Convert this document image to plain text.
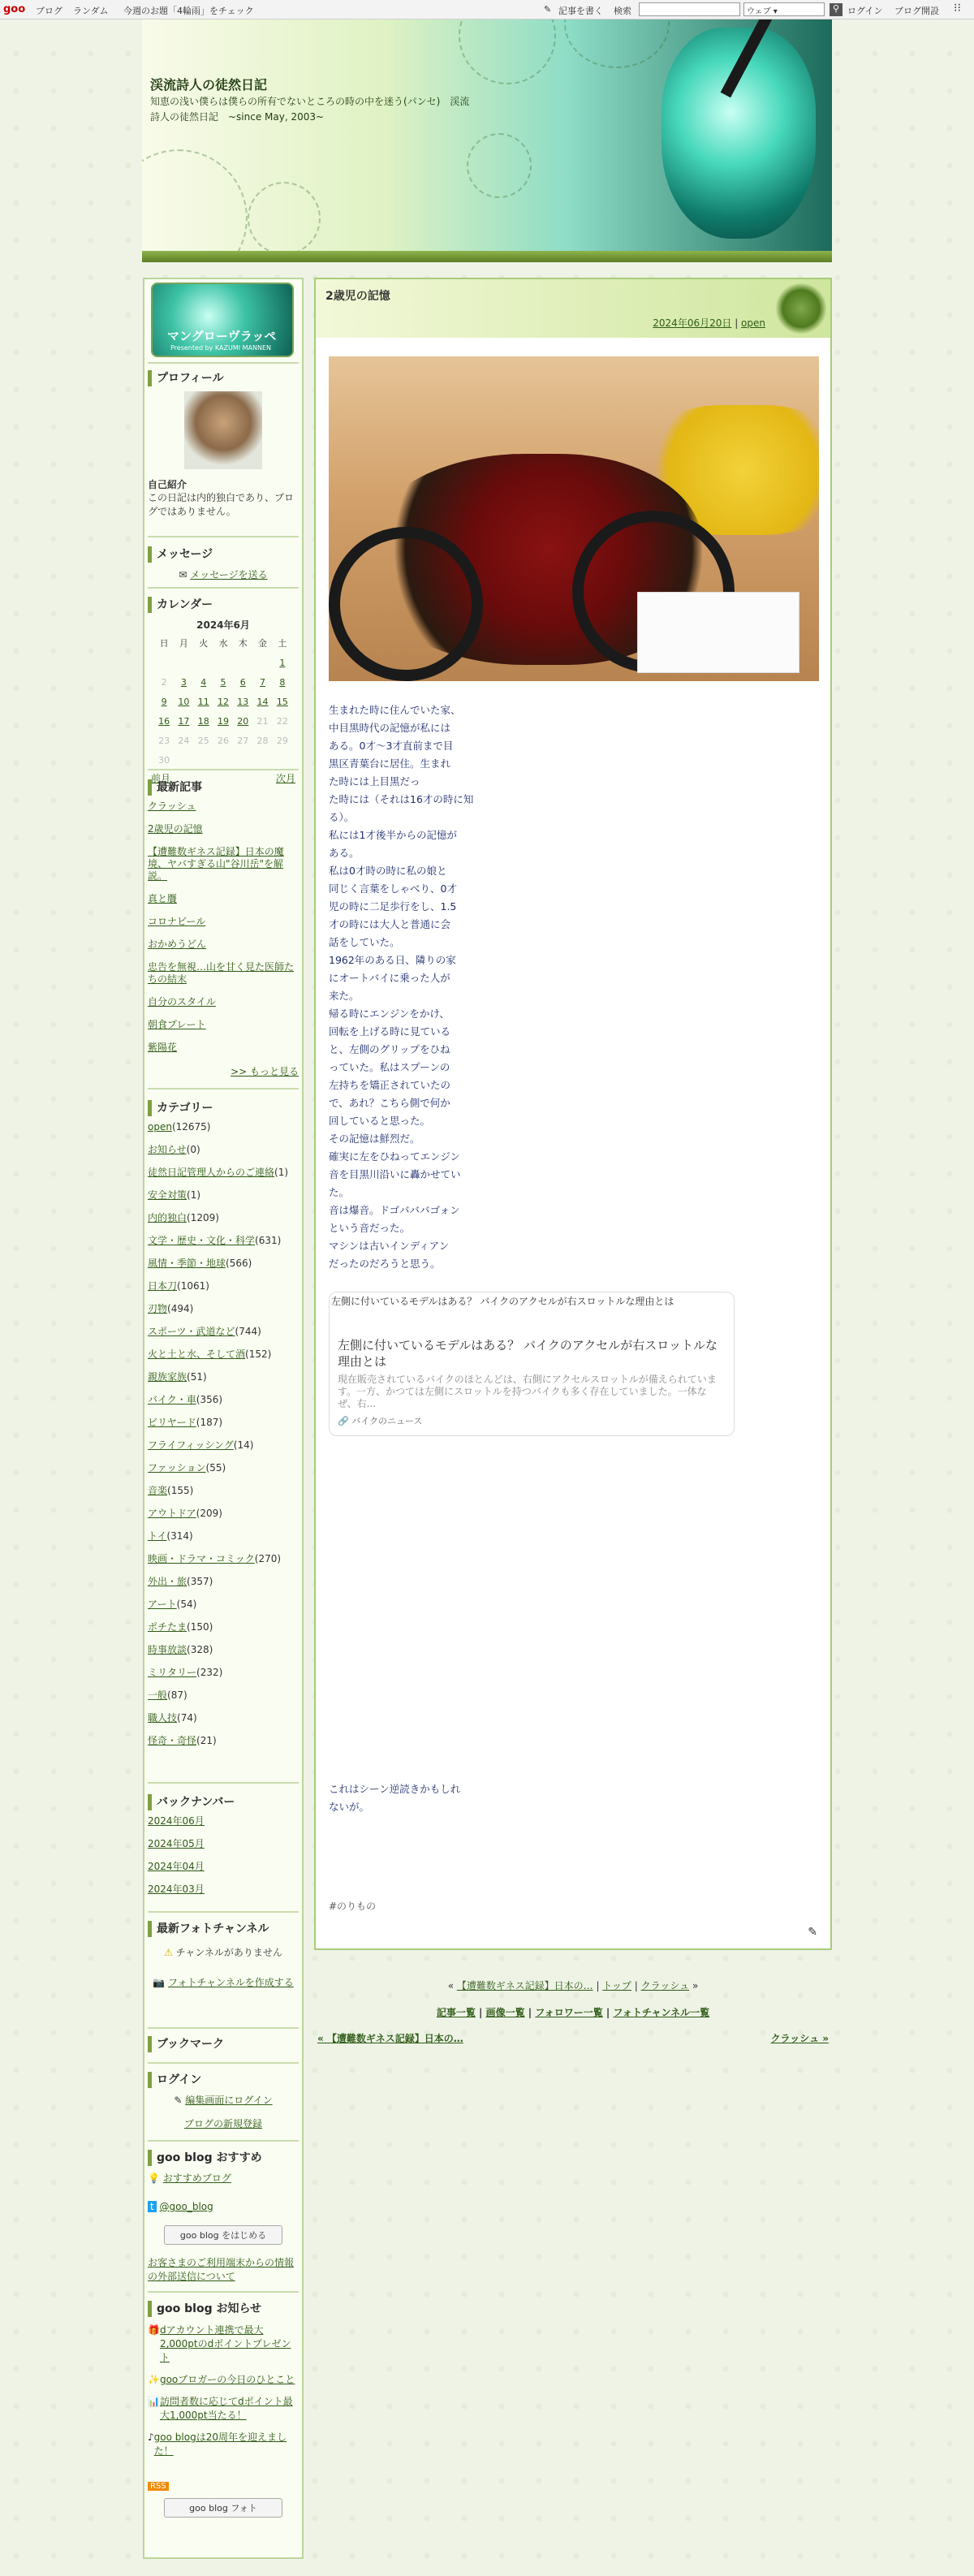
goo ブログ ランダム 今週のお題「4輪雨」をチェック	✎ 記事を書く 検索	ウェブ ▾	⚲ ログイン ブログ開設 ⁝⁝
渓流詩人の徒然日記
知恵の浅い僕らは僕らの所有でないところの時の中を迷う(パンセ)　渓流詩人の徒然日記　~since May, 2003~
マングローヴラッペ
Presented by KAZUMI MANNEN
プロフィール
自己紹介
この日記は内的独白であり、ブログではありません。
メッセージ
✉ メッセージを送る
カレンダー
2024年6月
日	月	火	水	木	金	土
						1
2	3	4	5	6	7	8
9	10	11	12	13	14	15
16	17	18	19	20	21	22
23	24	25	26	27	28	29
30						
前月	次月
最新記事
クラッシュ
2歳児の記憶
【遭難数ギネス記録】日本の魔境、ヤバすぎる山"谷川岳"を解説。
真と贋
コロナビール
おかめうどん
忠告を無視…山を甘く見た医師たちの結末
自分のスタイル
朝食プレート
紫陽花
>> もっと見る
カテゴリー
open(12675)
お知らせ(0)
徒然日記管理人からのご連絡(1)
安全対策(1)
内的独白(1209)
文学・歴史・文化・科学(631)
風情・季節・地球(566)
日本刀(1061)
刃物(494)
スポーツ・武道など(744)
火と土と水、そして酒(152)
親族家族(51)
バイク・車(356)
ビリヤード(187)
フライフィッシング(14)
ファッション(55)
音楽(155)
アウトドア(209)
トイ(314)
映画・ドラマ・コミック(270)
外出・旅(357)
アート(54)
ポチたま(150)
時事放談(328)
ミリタリー(232)
一般(87)
職人技(74)
怪奇・奇怪(21)
バックナンバー
2024年06月
2024年05月
2024年04月
2024年03月
最新フォトチャンネル
⚠ チャンネルがありません
📷 フォトチャンネルを作成する
ブックマーク
ログイン
✎ 編集画面にログイン
ブログの新規登録
goo blog おすすめ
💡 おすすめブログ
t @goo_blog
goo blog をはじめる
お客さまのご利用端末からの情報の外部送信について
goo blog お知らせ
🎁 dアカウント連携で最大2,000ptのdポイントプレゼント
✨ gooブロガーの今日のひとこと
📊 訪問者数に応じてdポイント最大1,000pt当たる！
♪ goo blogは20周年を迎えました！
RSS
goo blog フォト
2歳児の記憶
2024年06月20日 | open
生まれた時に住んでいた家、
中目黒時代の記憶が私には
ある。0才〜3才直前まで目
黒区青葉台に居住。生まれ
た時には上目黒だっ
た時には（それは16才の時に知る）。
私には1才後半からの記憶が
ある。
私は0才時の時に私の娘と
同じく言葉をしゃべり、0才
児の時に二足歩行をし、1.5
才の時には大人と普通に会
話をしていた。
1962年のある日、隣りの家
にオートバイに乗った人が
来た。
帰る時にエンジンをかけ、
回転を上げる時に見ている
と、左側のグリップをひね
っていた。私はスプーンの
左持ちを矯正されていたの
で、あれ？こちら側で何か
回していると思った。
その記憶は鮮烈だ。
確実に左をひねってエンジン
音を目黒川沿いに轟かせてい
た。
音は爆音。ドゴバババゴォン
という音だった。
マシンは古いインディアン
だったのだろうと思う。
左側に付いているモデルはある？ バイクのアクセルが右スロットルな理由とは
左側に付いているモデルはある？ バイクのアクセルが右スロットルな理由とは
現在販売されているバイクのほとんどは、右側にアクセルスロットルが備えられています。一方、かつては左側にスロットルを持つバイクも多く存在していました。一体なぜ、右...
🔗 バイクのニュース
これはシーン逆読きかもしれ
ないが。
#のりもの
✎
« 【遭難数ギネス記録】日本の… | トップ | クラッシュ »
記事一覧 | 画像一覧 | フォロワー一覧 | フォトチャンネル一覧
« 【遭難数ギネス記録】日本の…	クラッシュ »
